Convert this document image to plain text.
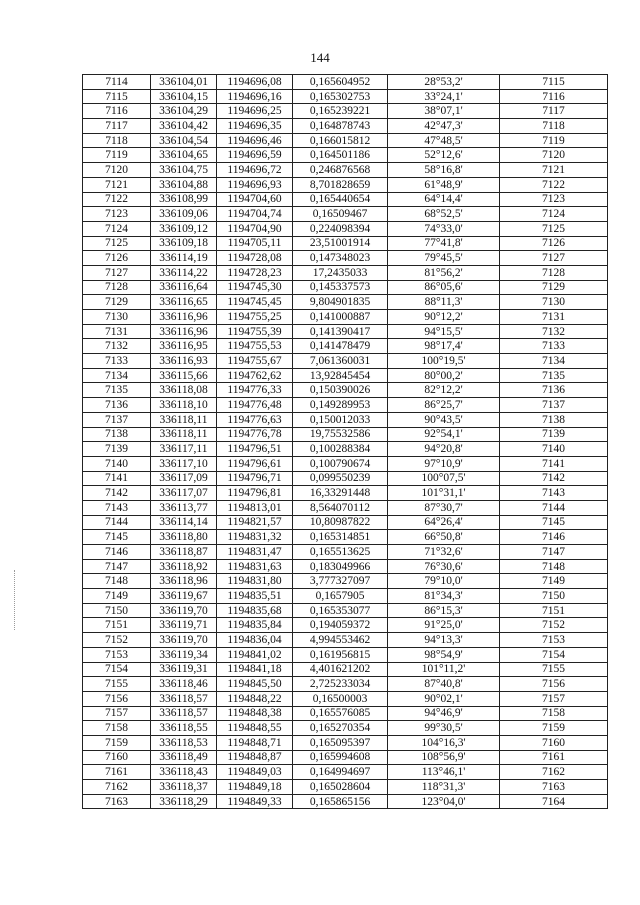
144
7114	336104,01	1194696,08	0,165604952	28°53,2'	7115
7115	336104,15	1194696,16	0,165302753	33°24,1'	7116
7116	336104,29	1194696,25	0,165239221	38°07,1'	7117
7117	336104,42	1194696,35	0,164878743	42°47,3'	7118
7118	336104,54	1194696,46	0,166015812	47°48,5'	7119
7119	336104,65	1194696,59	0,164501186	52°12,6'	7120
7120	336104,75	1194696,72	0,246876568	58°16,8'	7121
7121	336104,88	1194696,93	8,701828659	61°48,9'	7122
7122	336108,99	1194704,60	0,165440654	64°14,4'	7123
7123	336109,06	1194704,74	0,16509467	68°52,5'	7124
7124	336109,12	1194704,90	0,224098394	74°33,0'	7125
7125	336109,18	1194705,11	23,51001914	77°41,8'	7126
7126	336114,19	1194728,08	0,147348023	79°45,5'	7127
7127	336114,22	1194728,23	17,2435033	81°56,2'	7128
7128	336116,64	1194745,30	0,145337573	86°05,6'	7129
7129	336116,65	1194745,45	9,804901835	88°11,3'	7130
7130	336116,96	1194755,25	0,141000887	90°12,2'	7131
7131	336116,96	1194755,39	0,141390417	94°15,5'	7132
7132	336116,95	1194755,53	0,141478479	98°17,4'	7133
7133	336116,93	1194755,67	7,061360031	100°19,5'	7134
7134	336115,66	1194762,62	13,92845454	80°00,2'	7135
7135	336118,08	1194776,33	0,150390026	82°12,2'	7136
7136	336118,10	1194776,48	0,149289953	86°25,7'	7137
7137	336118,11	1194776,63	0,150012033	90°43,5'	7138
7138	336118,11	1194776,78	19,75532586	92°54,1'	7139
7139	336117,11	1194796,51	0,100288384	94°20,8'	7140
7140	336117,10	1194796,61	0,100790674	97°10,9'	7141
7141	336117,09	1194796,71	0,099550239	100°07,5'	7142
7142	336117,07	1194796,81	16,33291448	101°31,1'	7143
7143	336113,77	1194813,01	8,564070112	87°30,7'	7144
7144	336114,14	1194821,57	10,80987822	64°26,4'	7145
7145	336118,80	1194831,32	0,165314851	66°50,8'	7146
7146	336118,87	1194831,47	0,165513625	71°32,6'	7147
7147	336118,92	1194831,63	0,183049966	76°30,6'	7148
7148	336118,96	1194831,80	3,777327097	79°10,0'	7149
7149	336119,67	1194835,51	0,1657905	81°34,3'	7150
7150	336119,70	1194835,68	0,165353077	86°15,3'	7151
7151	336119,71	1194835,84	0,194059372	91°25,0'	7152
7152	336119,70	1194836,04	4,994553462	94°13,3'	7153
7153	336119,34	1194841,02	0,161956815	98°54,9'	7154
7154	336119,31	1194841,18	4,401621202	101°11,2'	7155
7155	336118,46	1194845,50	2,725233034	87°40,8'	7156
7156	336118,57	1194848,22	0,16500003	90°02,1'	7157
7157	336118,57	1194848,38	0,165576085	94°46,9'	7158
7158	336118,55	1194848,55	0,165270354	99°30,5'	7159
7159	336118,53	1194848,71	0,165095397	104°16,3'	7160
7160	336118,49	1194848,87	0,165994608	108°56,9'	7161
7161	336118,43	1194849,03	0,164994697	113°46,1'	7162
7162	336118,37	1194849,18	0,165028604	118°31,3'	7163
7163	336118,29	1194849,33	0,165865156	123°04,0'	7164
